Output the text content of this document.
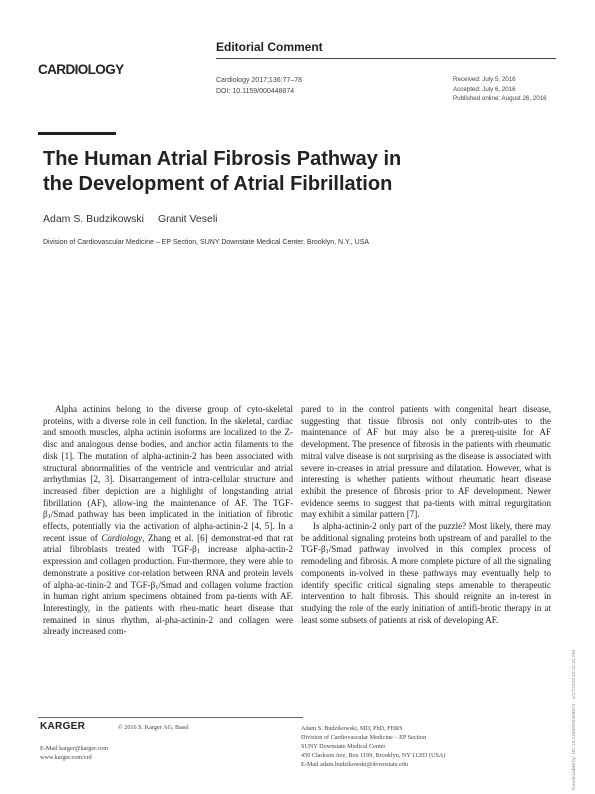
Editorial Comment
CARDIOLOGY
Cardiology 2017;136:77–78
DOI: 10.1159/000448874
Received: July 5, 2016
Accepted: July 6, 2016
Published online: August 26, 2016
The Human Atrial Fibrosis Pathway in
the Development of Atrial Fibrillation
Adam S. Budzikowski Granit Veseli
Division of Cardiovascular Medicine – EP Section, SUNY Downstate Medical Center, Brooklyn, N.Y., USA

Alpha actinins belong to the diverse group of cyto-skeletal proteins, with a diverse role in cell function. In the skeletal, cardiac and smooth muscles, alpha actinin isoforms are localized to the Z-disc and analogous dense bodies, and anchor actin filaments to the disk [1]. The mutation of alpha-actinin-2 has been associated with structural abnormalities of the ventricle and ventricular and atrial arrhythmias [2, 3]. Disarrangement of intra-cellular structure and increased fiber depiction are a highlight of longstanding atrial fibrillation (AF), allow-ing the maintenance of AF. The TGF-$\beta_1$/Smad pathway has been implicated in the initiation of fibrotic effects, potentially via the activation of alpha-actinin-2 [4, 5]. In a recent issue of Cardiology, Zhang et al. [6] demonstrat-ed that rat atrial fibroblasts treated with TGF-$\beta_1$ increase alpha-actin-2 expression and collagen production. Fur-thermore, they were able to demonstrate a positive cor-relation between RNA and protein levels of alpha-ac-tinin-2 and TGF-$\beta_1$/Smad and collagen volume fraction in human right atrium specimens obtained from pa-tients with AF. Interestingly, in the patients with rheu-matic heart disease that remained in sinus rhythm, al-pha-actinin-2 and collagen were already increased com-

pared to in the control patients with congenital heart disease, suggesting that tissue fibrosis not only contrib-utes to the maintenance of AF but may also be a prereq-uisite for AF development. The presence of fibrosis in the patients with rheumatic mitral valve disease is not surprising as the disease is associated with severe in-creases in atrial pressure and dilatation. However, what is interesting is whether patients without rheumatic heart disease exhibit the presence of fibrosis prior to AF development. Newer evidence seems to suggest that pa-tients with mitral regurgitation may exhibit a similar pattern [7].

Is alpha-actinin-2 only part of the puzzle? Most likely, there may be additional signaling proteins both upstream of and parallel to the TGF-$\beta_1$/Smad pathway involved in this complex process of remodeling and fibrosis. A more complete picture of all the signaling components in-volved in these pathways may eventually help to identify specific critical signaling steps amenable to therapeutic intervention to halt fibrosis. This should reignite an in-terest in studying the role of the early initiation of antifi-brotic therapy in at least some subsets of patients at risk of developing AF.

KARGER	© 2016 S. Karger AG, Basel
E-Mail karger@karger.com
www.karger.com/crd
Adam S. Budzikowski, MD, PhD, FHRS
Division of Cardiovascular Medicine – EP Section
SUNY Downstate Medical Center
450 Clarkson Ave, Box 1199, Brooklyn, NY 11203 (USA)
E-Mail adam.budzikowski@downstate.edu	Downloaded by: UC 10.1159/000448874 · 1/17/2019 10:11:31 AM
